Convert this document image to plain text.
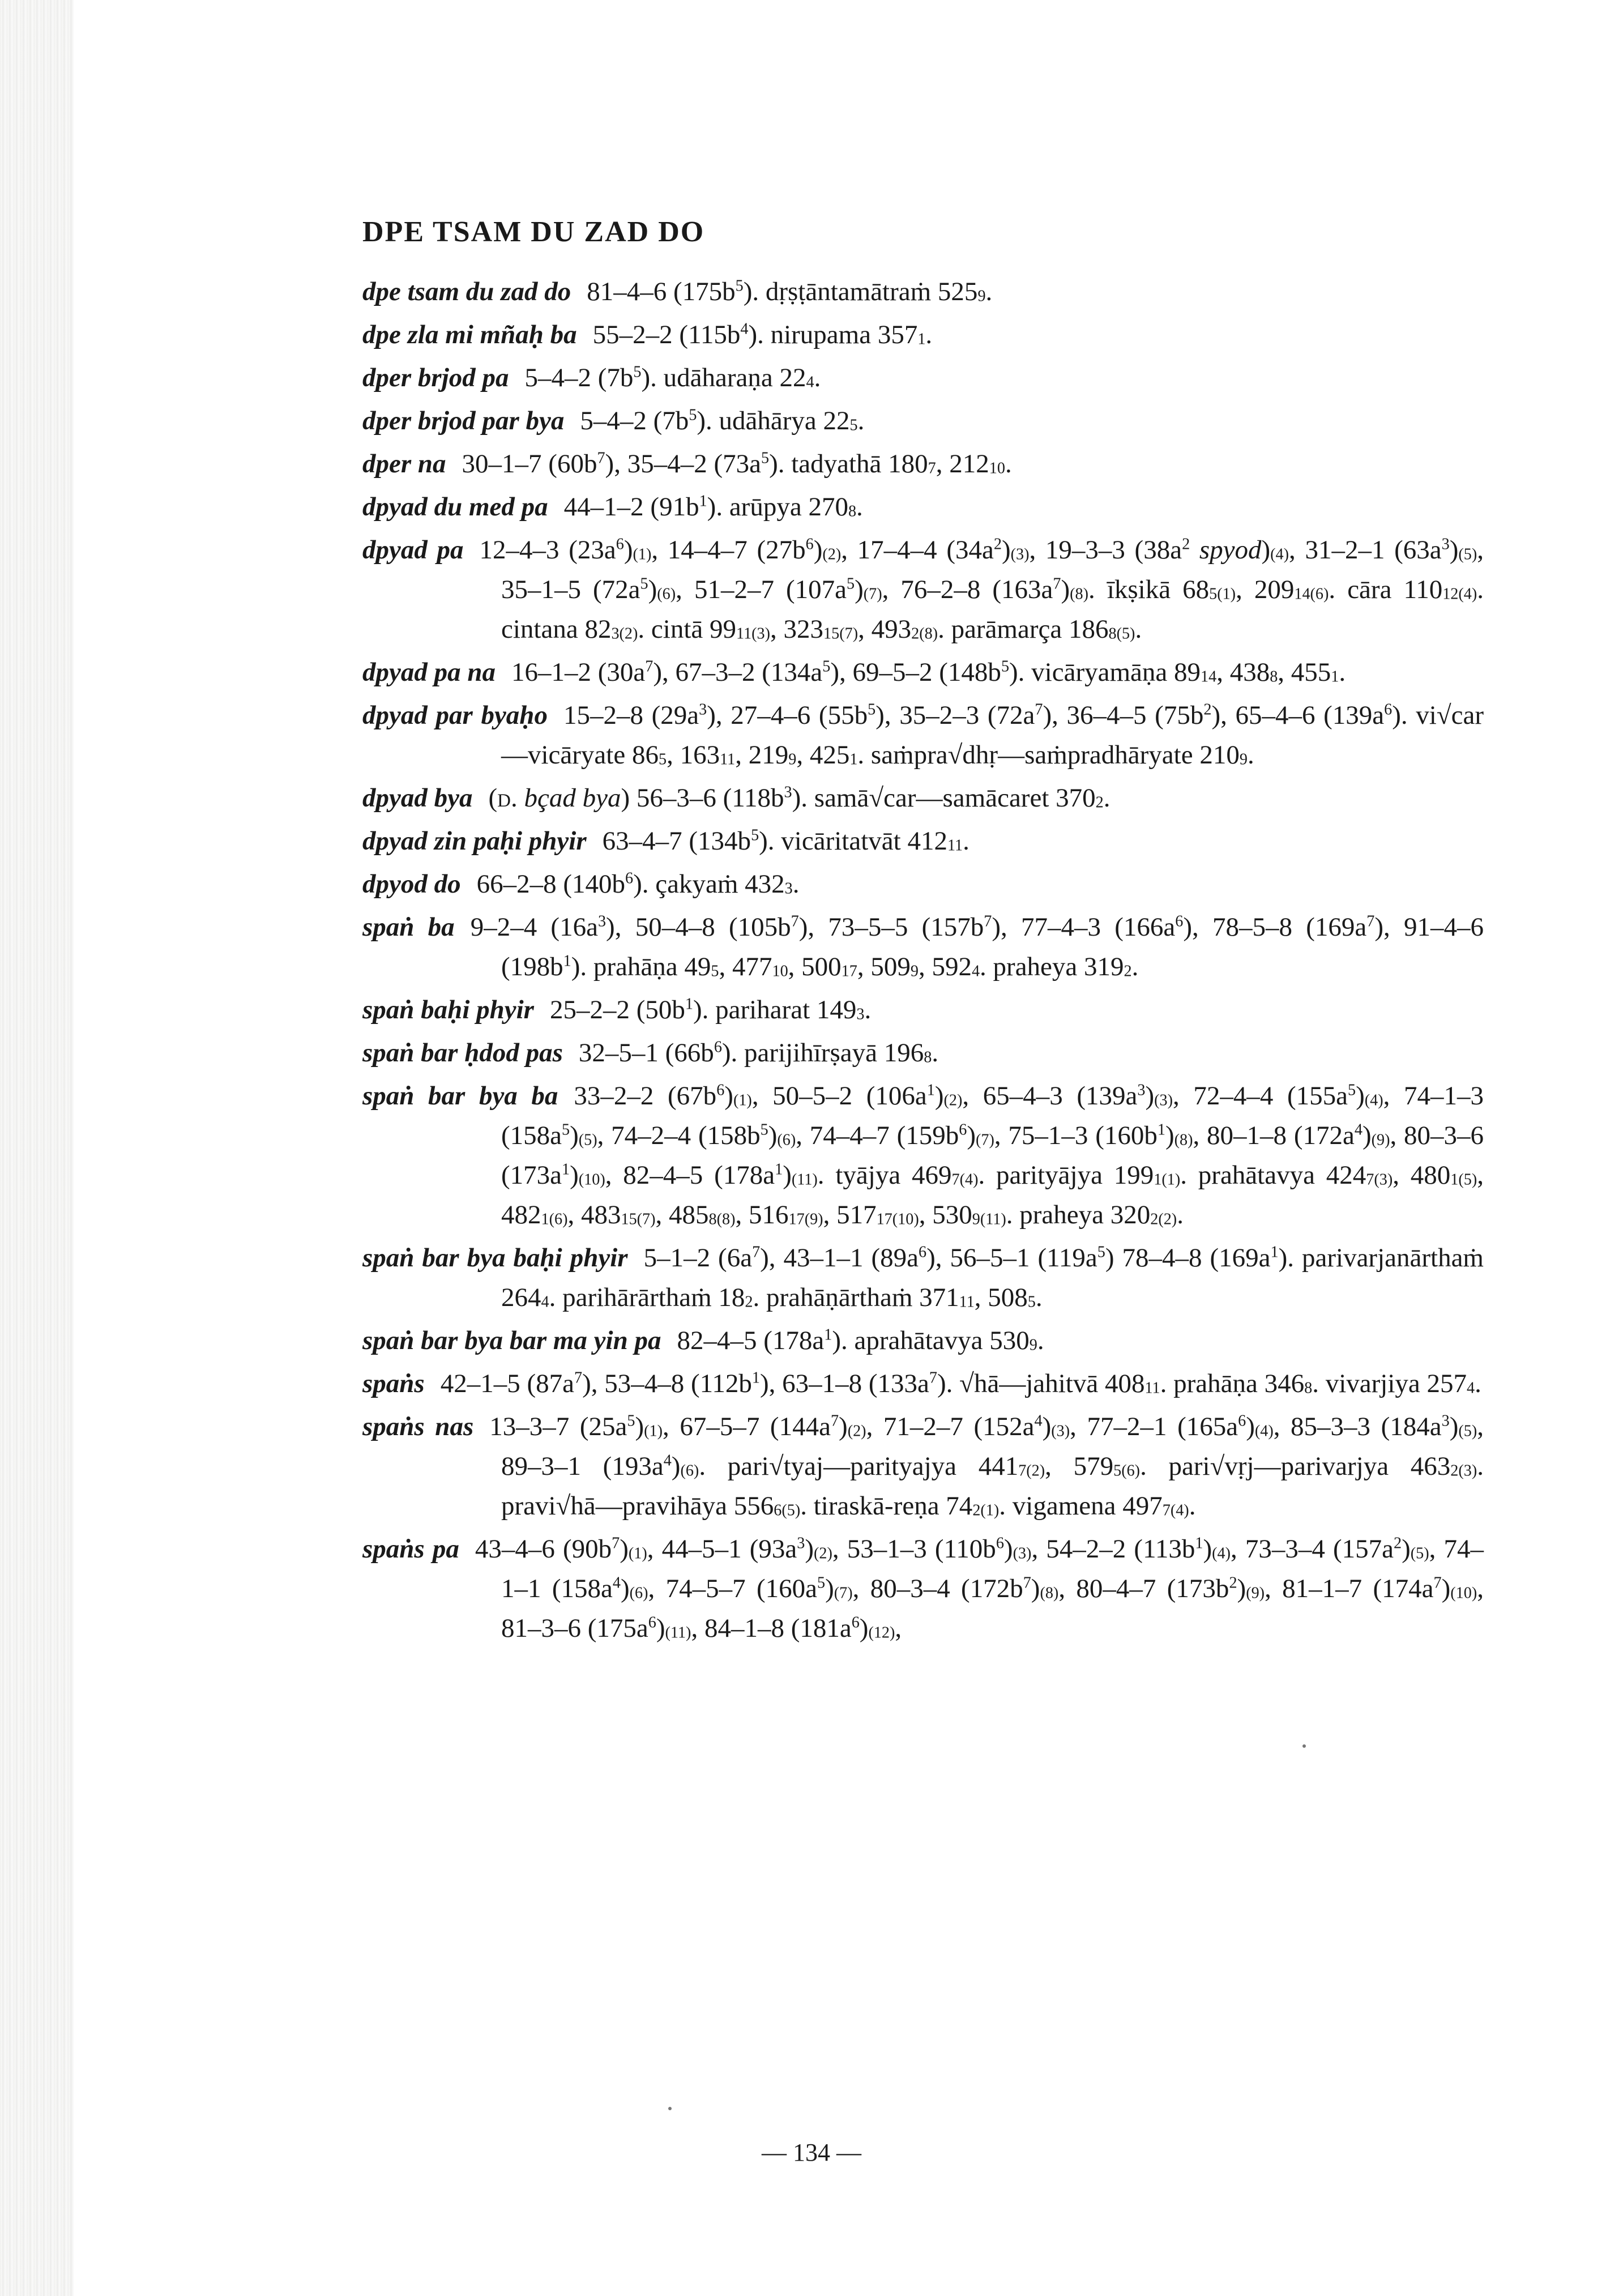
DPE TSAM DU ZAD DO
dpe tsam du zad do 81–4–6 $(175b^5)$. dṛṣṭāntamātraṁ $525_9$.
dpe zla mi mñaḥ ba 55–2–2 $(115b^4)$. nirupama $357_1$.
dper brjod pa 5–4–2 $(7b^5)$. udāharaṇa $22_4$.
dper brjod par bya 5–4–2 $(7b^5)$. udāhārya $22_5$.
dper na 30–1–7 $(60b^7)$, 35–4–2 $(73a^5)$. tadyathā $180_7$, $212_{10}$.
dpyad du med pa 44–1–2 $(91b^1)$. arūpya $270_8$.
dpyad pa 12–4–3 $(23a^6)_{(1)}$, 14–4–7 $(27b^6)_{(2)}$, 17–4–4 $(34a^2)_{(3)}$, 19–3–3 ($38a^2$ $spyod)_{(4)}$, 31–2–1 $(63a^3)_{(5)}$, 35–1–5 $(72a^5)_{(6)}$, 51–2–7 $(107a^5)_{(7)}$, 76–2–8 $(163a^7)_{(8)}$. īkṣikā $68_{5(1)}$, $209_{14(6)}$. cāra $110_{12(4)}$. cintana $82_{3(2)}$. cintā $99_{11(3)}$, $323_{15(7)}$, $493_{2(8)}$. parāmarça $186_{8(5)}$.
dpyad pa na 16–1–2 $(30a^7)$, 67–3–2 $(134a^5)$, 69–5–2 $(148b^5)$. vicāryamāṇa $89_{14}$, $438_8$, $455_1$.
dpyad par byaḥo 15–2–8 $(29a^3)$, 27–4–6 $(55b^5)$, 35–2–3 $(72a^7)$, 36–4–5 $(75b^2)$, 65–4–6 $(139a^6)$. vi√car—vicāryate $86_5$, $163_{11}$, $219_9$, $425_1$. saṁpra√dhṛ—saṁpradhāryate $210_9$.
dpyad bya (d. bçad bya) 56–3–6 $(118b^3)$. samā√car—samācaret $370_2$.
dpyad zin paḥi phyir 63–4–7 $(134b^5)$. vicāritatvāt $412_{11}$.
dpyod do 66–2–8 $(140b^6)$. çakyaṁ $432_3$.
spaṅ ba 9–2–4 $(16a^3)$, 50–4–8 $(105b^7)$, 73–5–5 $(157b^7)$, 77–4–3 $(166a^6)$, 78–5–8 $(169a^7)$, 91–4–6 $(198b^1)$. prahāṇa $49_5$, $477_{10}$, $500_{17}$, $509_9$, $592_4$. praheya $319_2$.
spaṅ baḥi phyir 25–2–2 $(50b^1)$. pariharat $149_3$.
spaṅ bar ḥdod pas 32–5–1 $(66b^6)$. parijihīrṣayā $196_8$.
spaṅ bar bya ba 33–2–2 $(67b^6)_{(1)}$, 50–5–2 $(106a^1)_{(2)}$, 65–4–3 $(139a^3)_{(3)}$, 72–4–4 $(155a^5)_{(4)}$, 74–1–3 $(158a^5)_{(5)}$, 74–2–4 $(158b^5)_{(6)}$, 74–4–7 $(159b^6)_{(7)}$, 75–1–3 $(160b^1)_{(8)}$, 80–1–8 $(172a^4)_{(9)}$, 80–3–6 $(173a^1)_{(10)}$, 82–4–5 $(178a^1)_{(11)}$. tyājya $469_{7(4)}$. parityājya $199_{1(1)}$. prahātavya $424_{7(3)}$, $480_{1(5)}$, $482_{1(6)}$, $483_{15(7)}$, $485_{8(8)}$, $516_{17(9)}$, $517_{17(10)}$, $530_{9(11)}$. praheya $320_{2(2)}$.
spaṅ bar bya baḥi phyir 5–1–2 $(6a^7)$, 43–1–1 $(89a^6)$, 56–5–1 $(119a^5)$ 78–4–8 $(169a^1)$. parivarjanārthaṁ $264_4$. parihārārthaṁ $18_2$. prahāṇārthaṁ $371_{11}$, $508_5$.
spaṅ bar bya bar ma yin pa 82–4–5 $(178a^1)$. aprahātavya $530_9$.
spaṅs 42–1–5 $(87a^7)$, 53–4–8 $(112b^1)$, 63–1–8 $(133a^7)$. √hā—jahitvā $408_{11}$. prahāṇa $346_8$. vivarjiya $257_4$.
spaṅs nas 13–3–7 $(25a^5)_{(1)}$, 67–5–7 $(144a^7)_{(2)}$, 71–2–7 $(152a^4)_{(3)}$, 77–2–1 $(165a^6)_{(4)}$, 85–3–3 $(184a^3)_{(5)}$, 89–3–1 $(193a^4)_{(6)}$. pari√tyaj—parityajya $441_{7(2)}$, $579_{5(6)}$. pari√vṛj—parivarjya $463_{2(3)}$. pravi√hā—pravihāya $556_{6(5)}$. tiraskā-reṇa $74_{2(1)}$. vigamena $497_{7(4)}$.
spaṅs pa 43–4–6 $(90b^7)_{(1)}$, 44–5–1 $(93a^3)_{(2)}$, 53–1–3 $(110b^6)_{(3)}$, 54–2–2 $(113b^1)_{(4)}$, 73–3–4 $(157a^2)_{(5)}$, 74–1–1 $(158a^4)_{(6)}$, 74–5–7 $(160a^5)_{(7)}$, 80–3–4 $(172b^7)_{(8)}$, 80–4–7 $(173b^2)_{(9)}$, 81–1–7 $(174a^7)_{(10)}$, 81–3–6 $(175a^6)_{(11)}$, 84–1–8 $(181a^6)_{(12)}$,
— 134 —
